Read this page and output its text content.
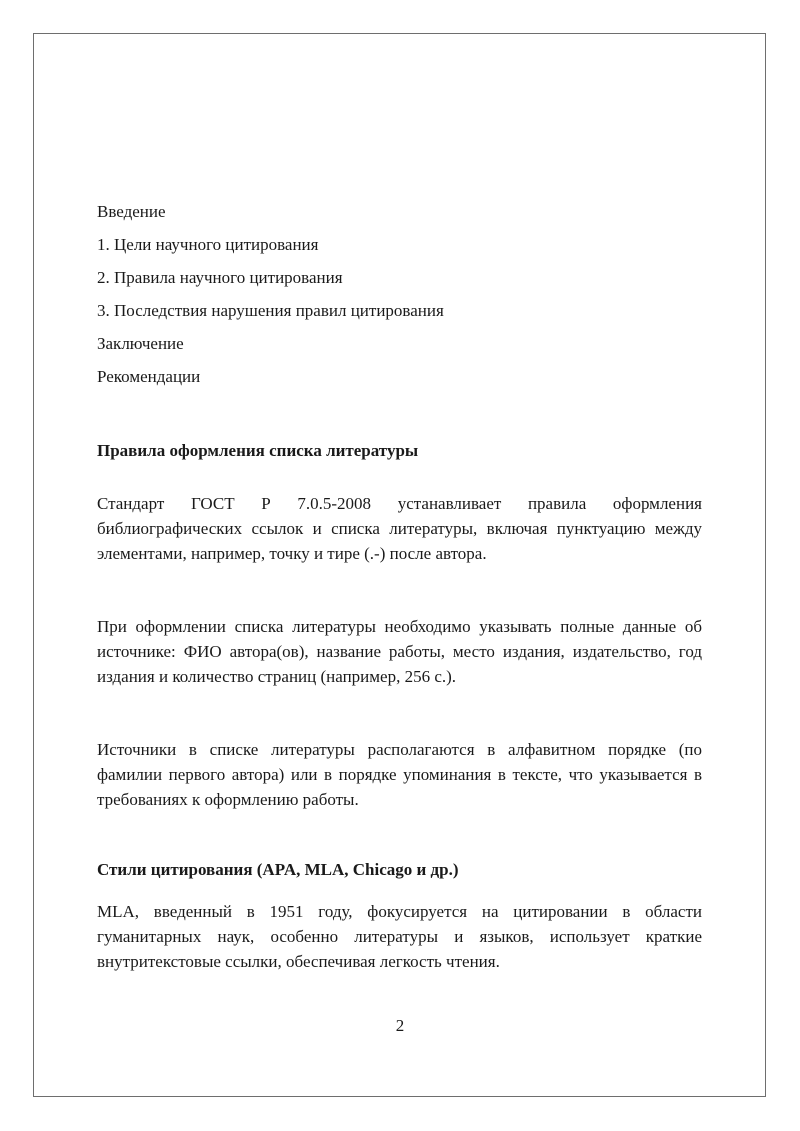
Введение
1. Цели научного цитирования
2. Правила научного цитирования
3. Последствия нарушения правил цитирования
Заключение
Рекомендации
Правила оформления списка литературы

Стандарт ГОСТ Р 7.0.5-2008 устанавливает правила оформления библиографических ссылок и списка литературы, включая пунктуацию между элементами, например, точку и тире (.-) после автора.

При оформлении списка литературы необходимо указывать полные данные об источнике: ФИО автора(ов), название работы, место издания, издательство, год издания и количество страниц (например, 256 с.).

Источники в списке литературы располагаются в алфавитном порядке (по фамилии первого автора) или в порядке упоминания в тексте, что указывается в требованиях к оформлению работы.

Стили цитирования (APA, MLA, Chicago и др.)

MLA, введенный в 1951 году, фокусируется на цитировании в области гуманитарных наук, особенно литературы и языков, использует краткие внутритекстовые ссылки, обеспечивая легкость чтения.

2
